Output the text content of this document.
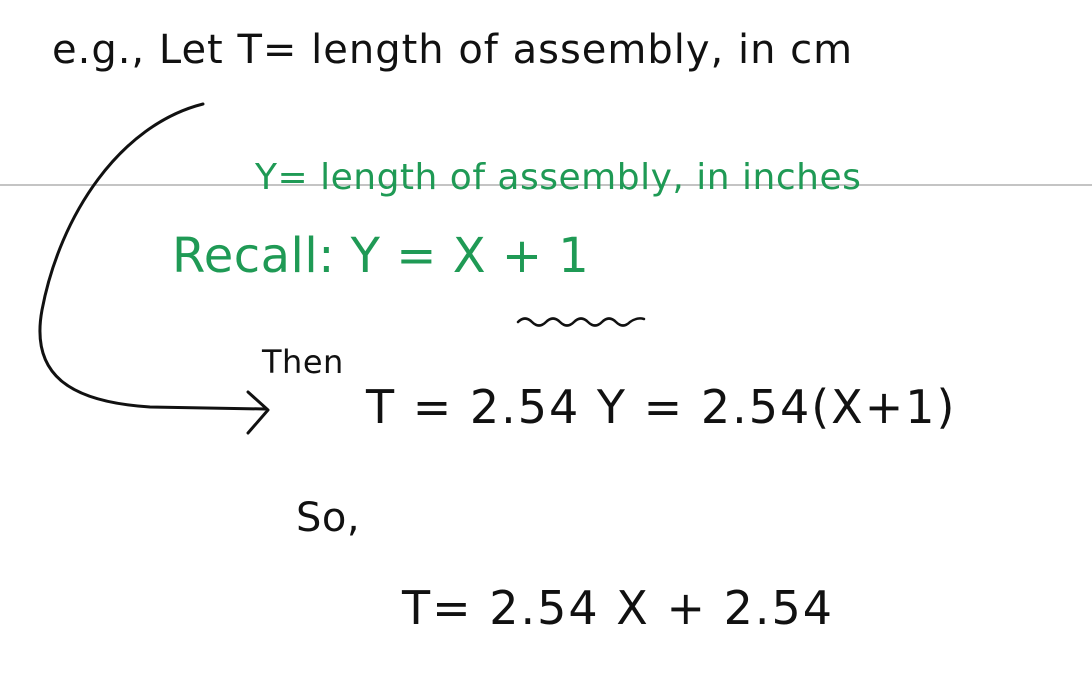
e.g., Let T= length of assembly, in cm
Y= length of assembly, in inches
Recall: Y = X + 1
Then
T = 2.54 Y = 2.54(X+1)
So,
T= 2.54 X + 2.54
